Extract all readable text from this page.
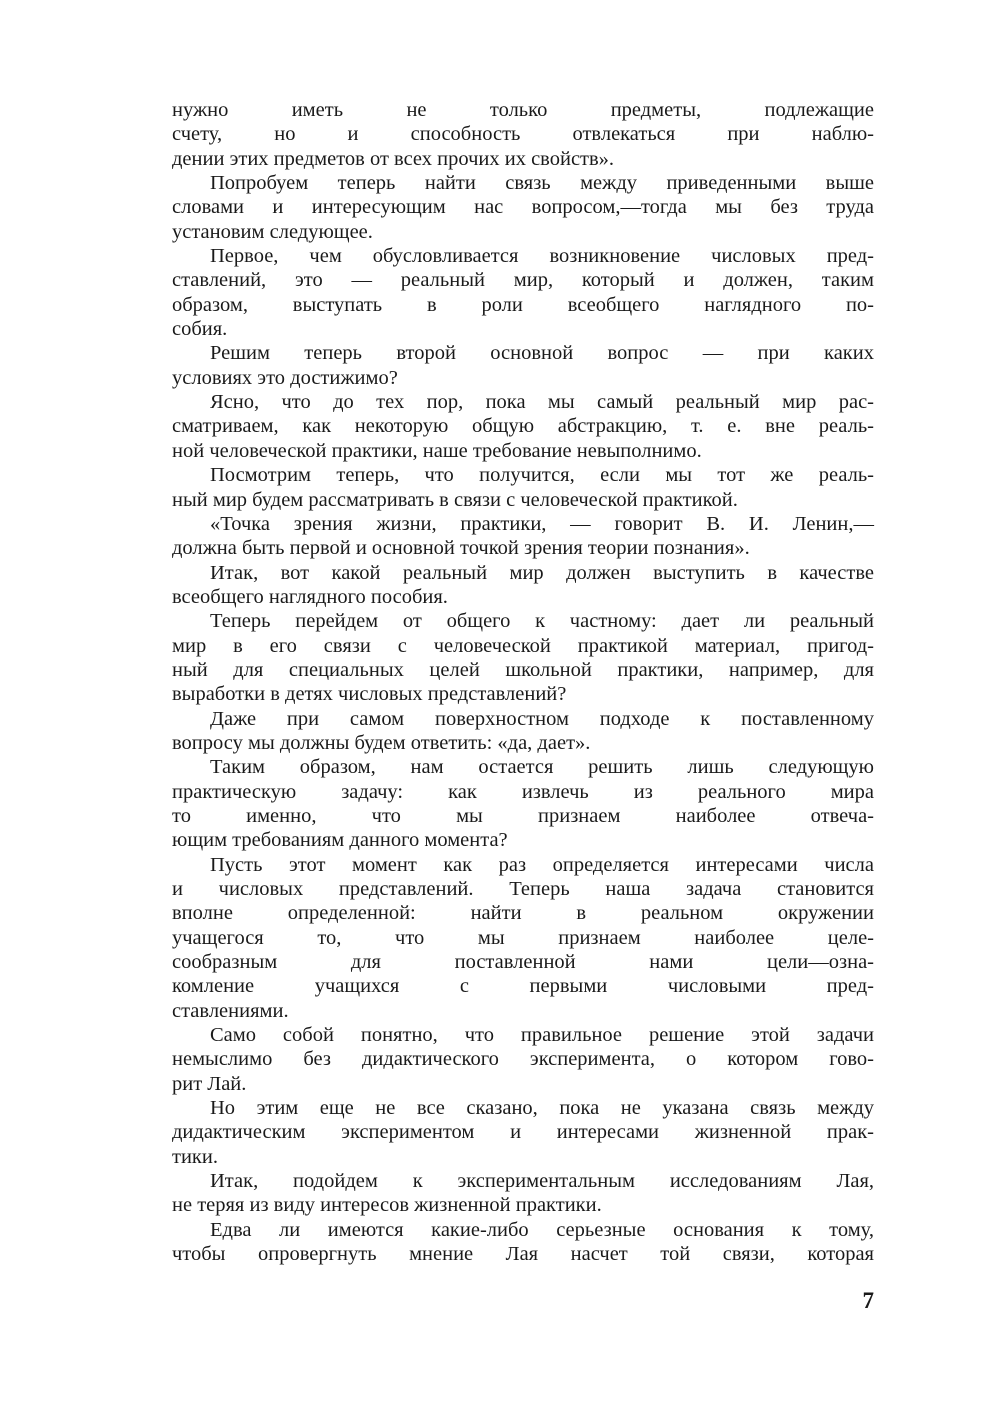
нужно иметь не только предметы, подлежащие
счету, но и способность отвлекаться при наблю-
дении этих предметов от всех прочих их свойств».
Попробуем теперь найти связь между приведенными выше
словами и интересующим нас вопросом,—тогда мы без труда
установим следующее.
Первое, чем обусловливается возникновение числовых пред-
ставлений, это — реальный мир, который и должен, таким
образом, выступать в роли всеобщего наглядного по-
собия.
Решим теперь второй основной вопрос — при каких
условиях это достижимо?
Ясно, что до тех пор, пока мы самый реальный мир рас-
сматриваем, как некоторую общую абстракцию, т. е. вне реаль-
ной человеческой практики, наше требование невыполнимо.
Посмотрим теперь, что получится, если мы тот же реаль-
ный мир будем рассматривать в связи с человеческой практикой.
«Точка зрения жизни, практики, — говорит В. И. Ленин,—
должна быть первой и основной точкой зрения теории познания».
Итак, вот какой реальный мир должен выступить в качестве
всеобщего наглядного пособия.
Теперь перейдем от общего к частному: дает ли реальный
мир в его связи с человеческой практикой материал, пригод-
ный для специальных целей школьной практики, например, для
выработки в детях числовых представлений?
Даже при самом поверхностном подходе к поставленному
вопросу мы должны будем ответить: «да, дает».
Таким образом, нам остается решить лишь следующую
практическую задачу: как извлечь из реального мира
то именно, что мы признаем наиболее отвеча-
ющим требованиям данного момента?
Пусть этот момент как раз определяется интересами числа
и числовых представлений. Теперь наша задача становится
вполне определенной: найти в реальном окружении
учащегося то, что мы признаем наиболее целе-
сообразным для поставленной нами цели—озна-
комление учащихся с первыми числовыми пред-
ставлениями.
Само собой понятно, что правильное решение этой задачи
немыслимо без дидактического эксперимента, о котором гово-
рит Лай.
Но этим еще не все сказано, пока не указана связь между
дидактическим экспериментом и интересами жизненной прак-
тики.
Итак, подойдем к экспериментальным исследованиям Лая,
не теряя из виду интересов жизненной практики.
Едва ли имеются какие-либо серьезные основания к тому,
чтобы опровергнуть мнение Лая насчет той связи, которая
7
